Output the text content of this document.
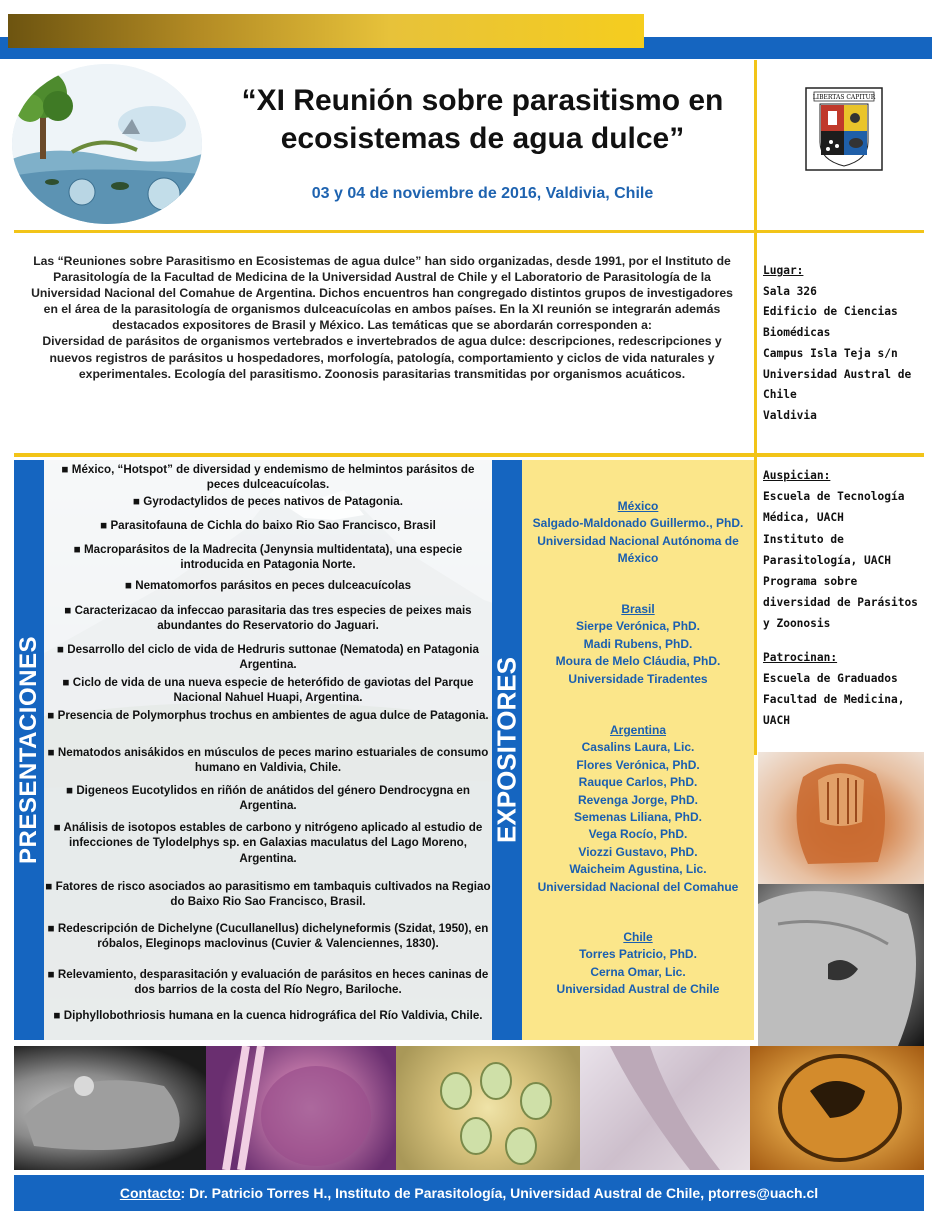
“XI Reunión sobre parasitismo en
ecosistemas de agua dulce”
03 y 04 de noviembre de 2016, Valdivia, Chile
LIBERTAS CAPITUR
Las “Reuniones sobre Parasitismo en Ecosistemas de agua dulce” han sido organizadas, desde 1991, por el Instituto de Parasitología de la Facultad de Medicina de la Universidad Austral de Chile y el Laboratorio de Parasitología de la Universidad Nacional del Comahue de Argentina. Dichos encuentros han congregado distintos grupos de investigadores en el área de la parasitología de organismos dulceacuícolas en ambos países. En la XI reunión se integrarán además destacados expositores de Brasil y México. Las temáticas que se abordarán corresponden a:
Diversidad de parásitos de organismos vertebrados e invertebrados de agua dulce: descripciones, redescripciones y nuevos registros de parásitos u hospedadores, morfología, patología, comportamiento y ciclos de vida naturales y experimentales. Ecología del parasitismo. Zoonosis parasitarias transmitidas por organismos acuáticos.
Lugar:
Sala 326
Edificio de Ciencias
Biomédicas
Campus Isla Teja s/n
Universidad Austral de Chile
Valdivia
PRESENTACIONES
■ México, “Hotspot” de diversidad y endemismo de helmintos parásitos de peces dulceacuícolas.
■ Gyrodactylidos de peces nativos de Patagonia.
■ Parasitofauna de Cichla do baixo Rio Sao Francisco, Brasil
■ Macroparásitos de la Madrecita (Jenynsia multidentata), una especie introducida en Patagonia Norte.
■ Nematomorfos parásitos en peces dulceacuícolas
■ Caracterizacao da infeccao parasitaria das tres especies de peixes mais abundantes do Reservatorio do Jaguari.
■ Desarrollo del ciclo de vida de Hedruris suttonae (Nematoda) en Patagonia Argentina.
■ Ciclo de vida de una nueva especie de heterófido de gaviotas del Parque Nacional Nahuel Huapi, Argentina.
■ Presencia de Polymorphus trochus en ambientes de agua dulce de Patagonia.
■ Nematodos anisákidos en músculos de peces marino estuariales de consumo humano en Valdivia, Chile.
■ Digeneos Eucotylidos en riñón de anátidos del género Dendrocygna en Argentina.
■ Análisis de isotopos estables de carbono y nitrógeno aplicado al estudio de infecciones de Tylodelphys sp. en Galaxias maculatus del Lago Moreno, Argentina.
■ Fatores de risco asociados ao parasitismo em tambaquis cultivados na Regiao do Baixo Rio Sao Francisco, Brasil.
■ Redescripción de Dichelyne (Cucullanellus) dichelyneformis (Szidat, 1950), en róbalos, Eleginops maclovinus (Cuvier & Valenciennes, 1830).
■ Relevamiento, desparasitación y evaluación de parásitos en heces caninas de dos barrios de la costa del Río Negro, Bariloche.
■ Diphyllobothriosis humana en la cuenca hidrográfica del Río Valdivia, Chile.
EXPOSITORES
México
Salgado-Maldonado Guillermo., PhD.
Universidad Nacional Autónoma de México
Brasil
Sierpe Verónica, PhD.
Madi Rubens, PhD.
Moura de Melo Cláudia, PhD.
Universidade Tiradentes
Argentina
Casalins Laura, Lic.
Flores Verónica, PhD.
Rauque Carlos, PhD.
Revenga Jorge, PhD.
Semenas Liliana, PhD.
Vega Rocío, PhD.
Viozzi Gustavo, PhD.
Waicheim Agustina, Lic.
Universidad Nacional del Comahue
Chile
Torres Patricio, PhD.
Cerna Omar, Lic.
Universidad Austral de Chile
Auspician:
Escuela de Tecnología Médica, UACH
Instituto de Parasitología, UACH
Programa sobre diversidad de Parásitos y Zoonosis
Patrocinan:
Escuela de Graduados
Facultad de Medicina, UACH
Contacto: Dr. Patricio Torres H., Instituto de Parasitología, Universidad Austral de Chile, ptorres@uach.cl
